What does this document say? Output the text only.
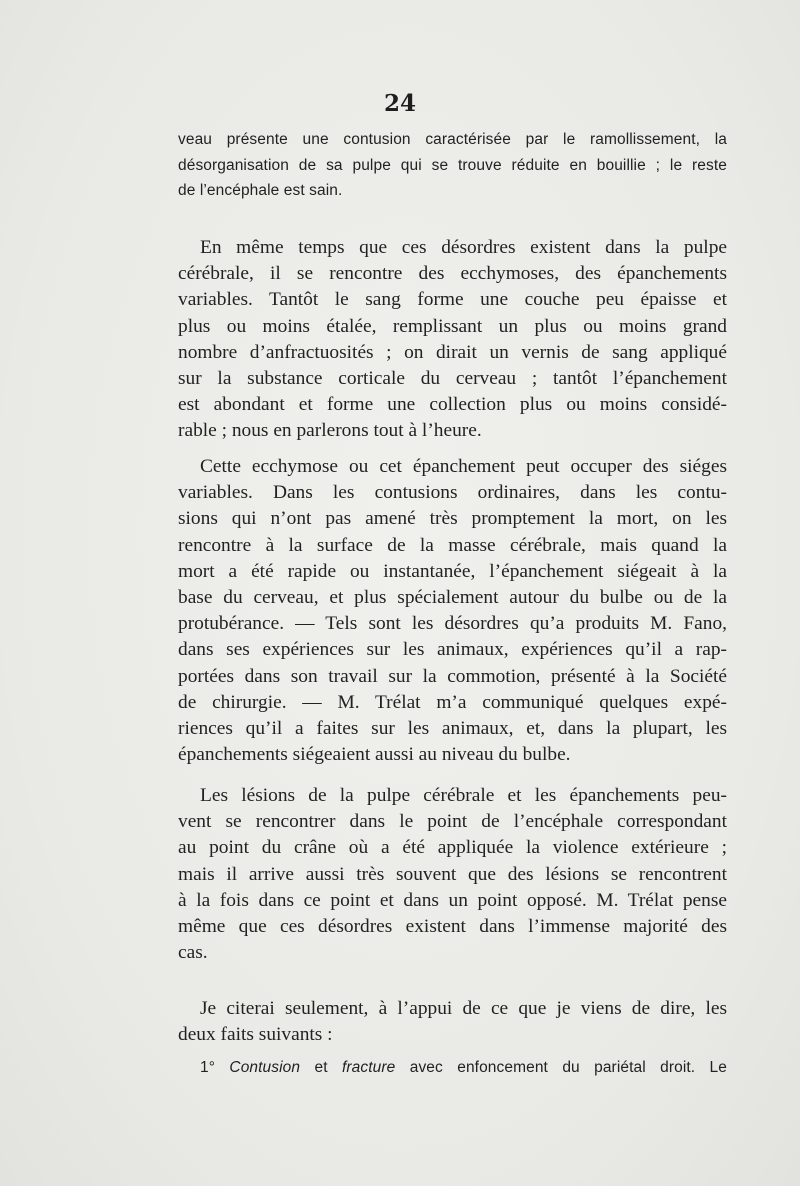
24
veau présente une contusion caractérisée par le ramollissement, la
désorganisation de sa pulpe qui se trouve réduite en bouillie ; le reste
de l’encéphale est sain.
En même temps que ces désordres existent dans la pulpe
cérébrale, il se rencontre des ecchymoses, des épanchements
variables. Tantôt le sang forme une couche peu épaisse et
plus ou moins étalée, remplissant un plus ou moins grand
nombre d’anfractuosités ; on dirait un vernis de sang appliqué
sur la substance corticale du cerveau ; tantôt l’épanchement
est abondant et forme une collection plus ou moins considé-
rable ; nous en parlerons tout à l’heure.
Cette ecchymose ou cet épanchement peut occuper des siéges
variables. Dans les contusions ordinaires, dans les contu-
sions qui n’ont pas amené très promptement la mort, on les
rencontre à la surface de la masse cérébrale, mais quand la
mort a été rapide ou instantanée, l’épanchement siégeait à la
base du cerveau, et plus spécialement autour du bulbe ou de la
protubérance. — Tels sont les désordres qu’a produits M. Fano,
dans ses expériences sur les animaux, expériences qu’il a rap-
portées dans son travail sur la commotion, présenté à la Société
de chirurgie. — M. Trélat m’a communiqué quelques expé-
riences qu’il a faites sur les animaux, et, dans la plupart, les
épanchements siégeaient aussi au niveau du bulbe.
Les lésions de la pulpe cérébrale et les épanchements peu-
vent se rencontrer dans le point de l’encéphale correspondant
au point du crâne où a été appliquée la violence extérieure ;
mais il arrive aussi très souvent que des lésions se rencontrent
à la fois dans ce point et dans un point opposé. M. Trélat pense
même que ces désordres existent dans l’immense majorité des
cas.
Je citerai seulement, à l’appui de ce que je viens de dire, les
deux faits suivants :
1° Contusion et fracture avec enfoncement du pariétal droit. Le
